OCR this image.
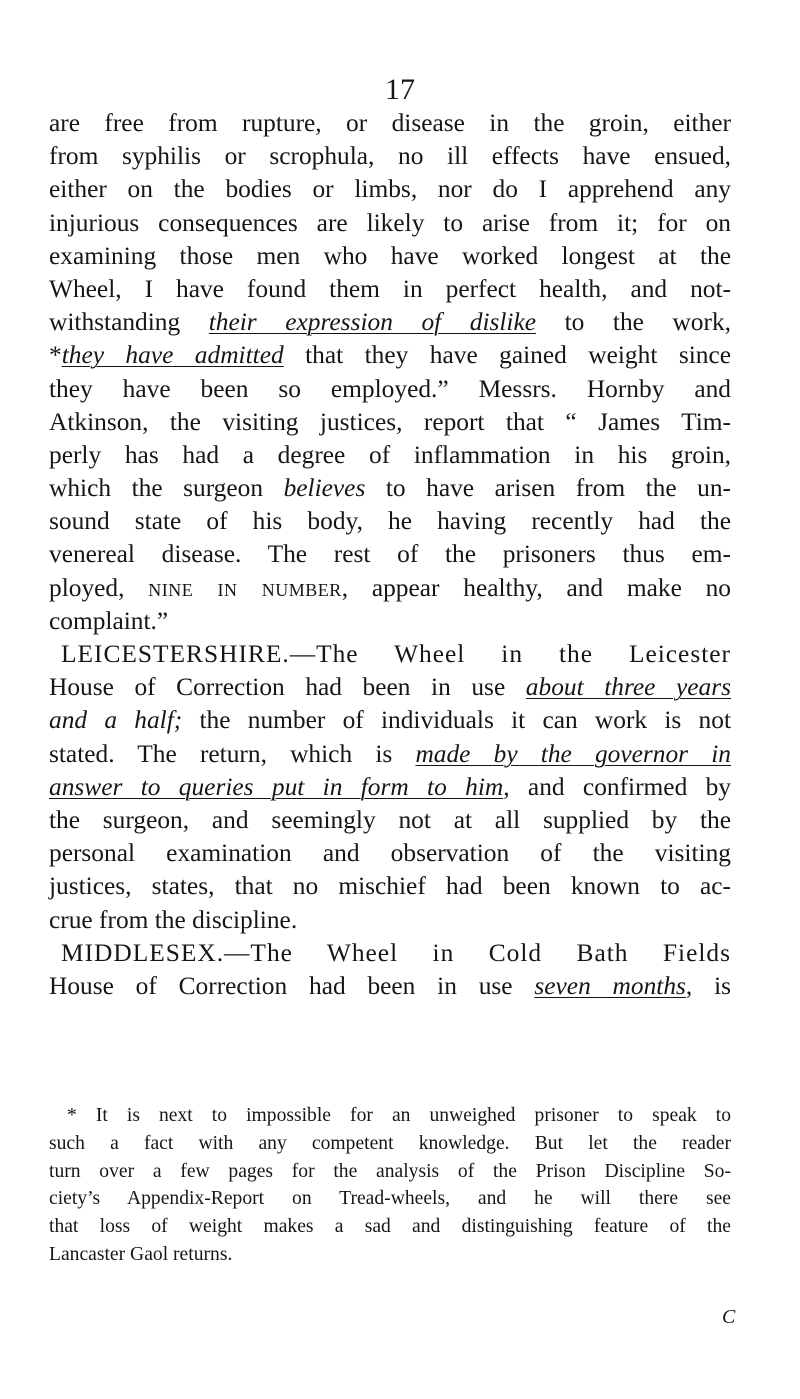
17
are free from rupture, or disease in the groin, either
from syphilis or scrophula, no ill effects have ensued,
either on the bodies or limbs, nor do I apprehend any
injurious consequences are likely to arise from it; for on
examining those men who have worked longest at the
Wheel, I have found them in perfect health, and not-
withstanding their expression of dislike to the work,
*they have admitted that they have gained weight since
they have been so employed.” Messrs. Hornby and
Atkinson, the visiting justices, report that “ James Tim-
perly has had a degree of inflammation in his groin,
which the surgeon believes to have arisen from the un-
sound state of his body, he having recently had the
venereal disease. The rest of the prisoners thus em-
ployed, nine in number, appear healthy, and make no
complaint.”
LEICESTERSHIRE.—The Wheel in the Leicester
House of Correction had been in use about three years
and a half; the number of individuals it can work is not
stated. The return, which is made by the governor in
answer to queries put in form to him, and confirmed by
the surgeon, and seemingly not at all supplied by the
personal examination and observation of the visiting
justices, states, that no mischief had been known to ac-
crue from the discipline.
MIDDLESEX.—The Wheel in Cold Bath Fields
House of Correction had been in use seven months, is
* It is next to impossible for an unweighed prisoner to speak to
such a fact with any competent knowledge. But let the reader
turn over a few pages for the analysis of the Prison Discipline So-
ciety’s Appendix-Report on Tread-wheels, and he will there see
that loss of weight makes a sad and distinguishing feature of the
Lancaster Gaol returns.
C
